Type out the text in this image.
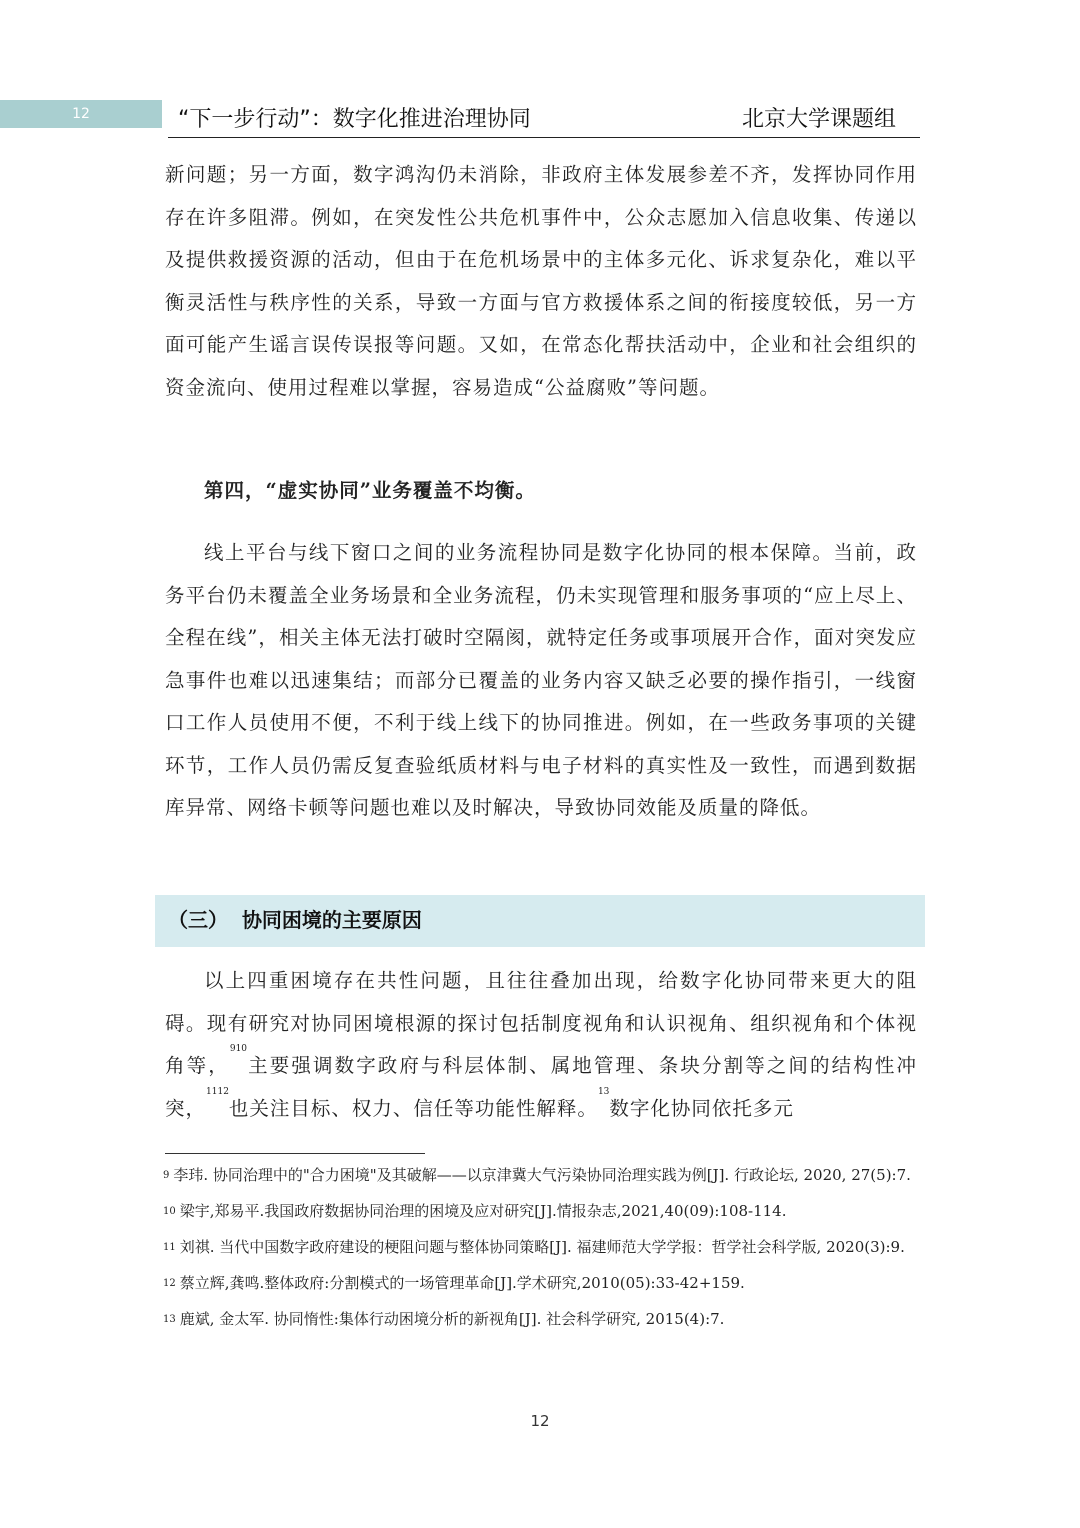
12	“下一步行动”：数字化推进治理协同	北京大学课题组

新问题；另一方面，数字鸿沟仍未消除，非政府主体发展参差不齐，发挥协同作用存在许多阻滞。例如，在突发性公共危机事件中，公众志愿加入信息收集、传递以及提供救援资源的活动，但由于在危机场景中的主体多元化、诉求复杂化，难以平衡灵活性与秩序性的关系，导致一方面与官方救援体系之间的衔接度较低，另一方面可能产生谣言误传误报等问题。又如，在常态化帮扶活动中，企业和社会组织的资金流向、使用过程难以掌握，容易造成“公益腐败”等问题。

第四，“虚实协同”业务覆盖不均衡。

线上平台与线下窗口之间的业务流程协同是数字化协同的根本保障。当前，政务平台仍未覆盖全业务场景和全业务流程，仍未实现管理和服务事项的“应上尽上、全程在线”，相关主体无法打破时空隔阂，就特定任务或事项展开合作，面对突发应急事件也难以迅速集结；而部分已覆盖的业务内容又缺乏必要的操作指引，一线窗口工作人员使用不便，不利于线上线下的协同推进。例如，在一些政务事项的关键环节，工作人员仍需反复查验纸质材料与电子材料的真实性及一致性，而遇到数据库异常、网络卡顿等问题也难以及时解决，导致协同效能及质量的降低。

（三） 协同困境的主要原因

以上四重困境存在共性问题，且往往叠加出现，给数字化协同带来更大的阻碍。现有研究对协同困境根源的探讨包括制度视角和认识视角、组织视角和个体视角等，$^{910}$主要强调数字政府与科层体制、属地管理、条块分割等之间的结构性冲突，$^{1112}$也关注目标、权力、信任等功能性解释。$^{13}$数字化协同依托多元

$^9$ 李玮. 协同治理中的"合力困境"及其破解——以京津冀大气污染协同治理实践为例[J]. 行政论坛, 2020, 27(5):7.
$^{10}$ 梁宇,郑易平.我国政府数据协同治理的困境及应对研究[J].情报杂志,2021,40(09):108-114.
$^{11}$ 刘祺. 当代中国数字政府建设的梗阻问题与整体协同策略[J]. 福建师范大学学报：哲学社会科学版, 2020(3):9.
$^{12}$ 蔡立辉,龚鸣.整体政府:分割模式的一场管理革命[J].学术研究,2010(05):33-42+159.
$^{13}$ 鹿斌, 金太军. 协同惰性:集体行动困境分析的新视角[J]. 社会科学研究, 2015(4):7.
12
